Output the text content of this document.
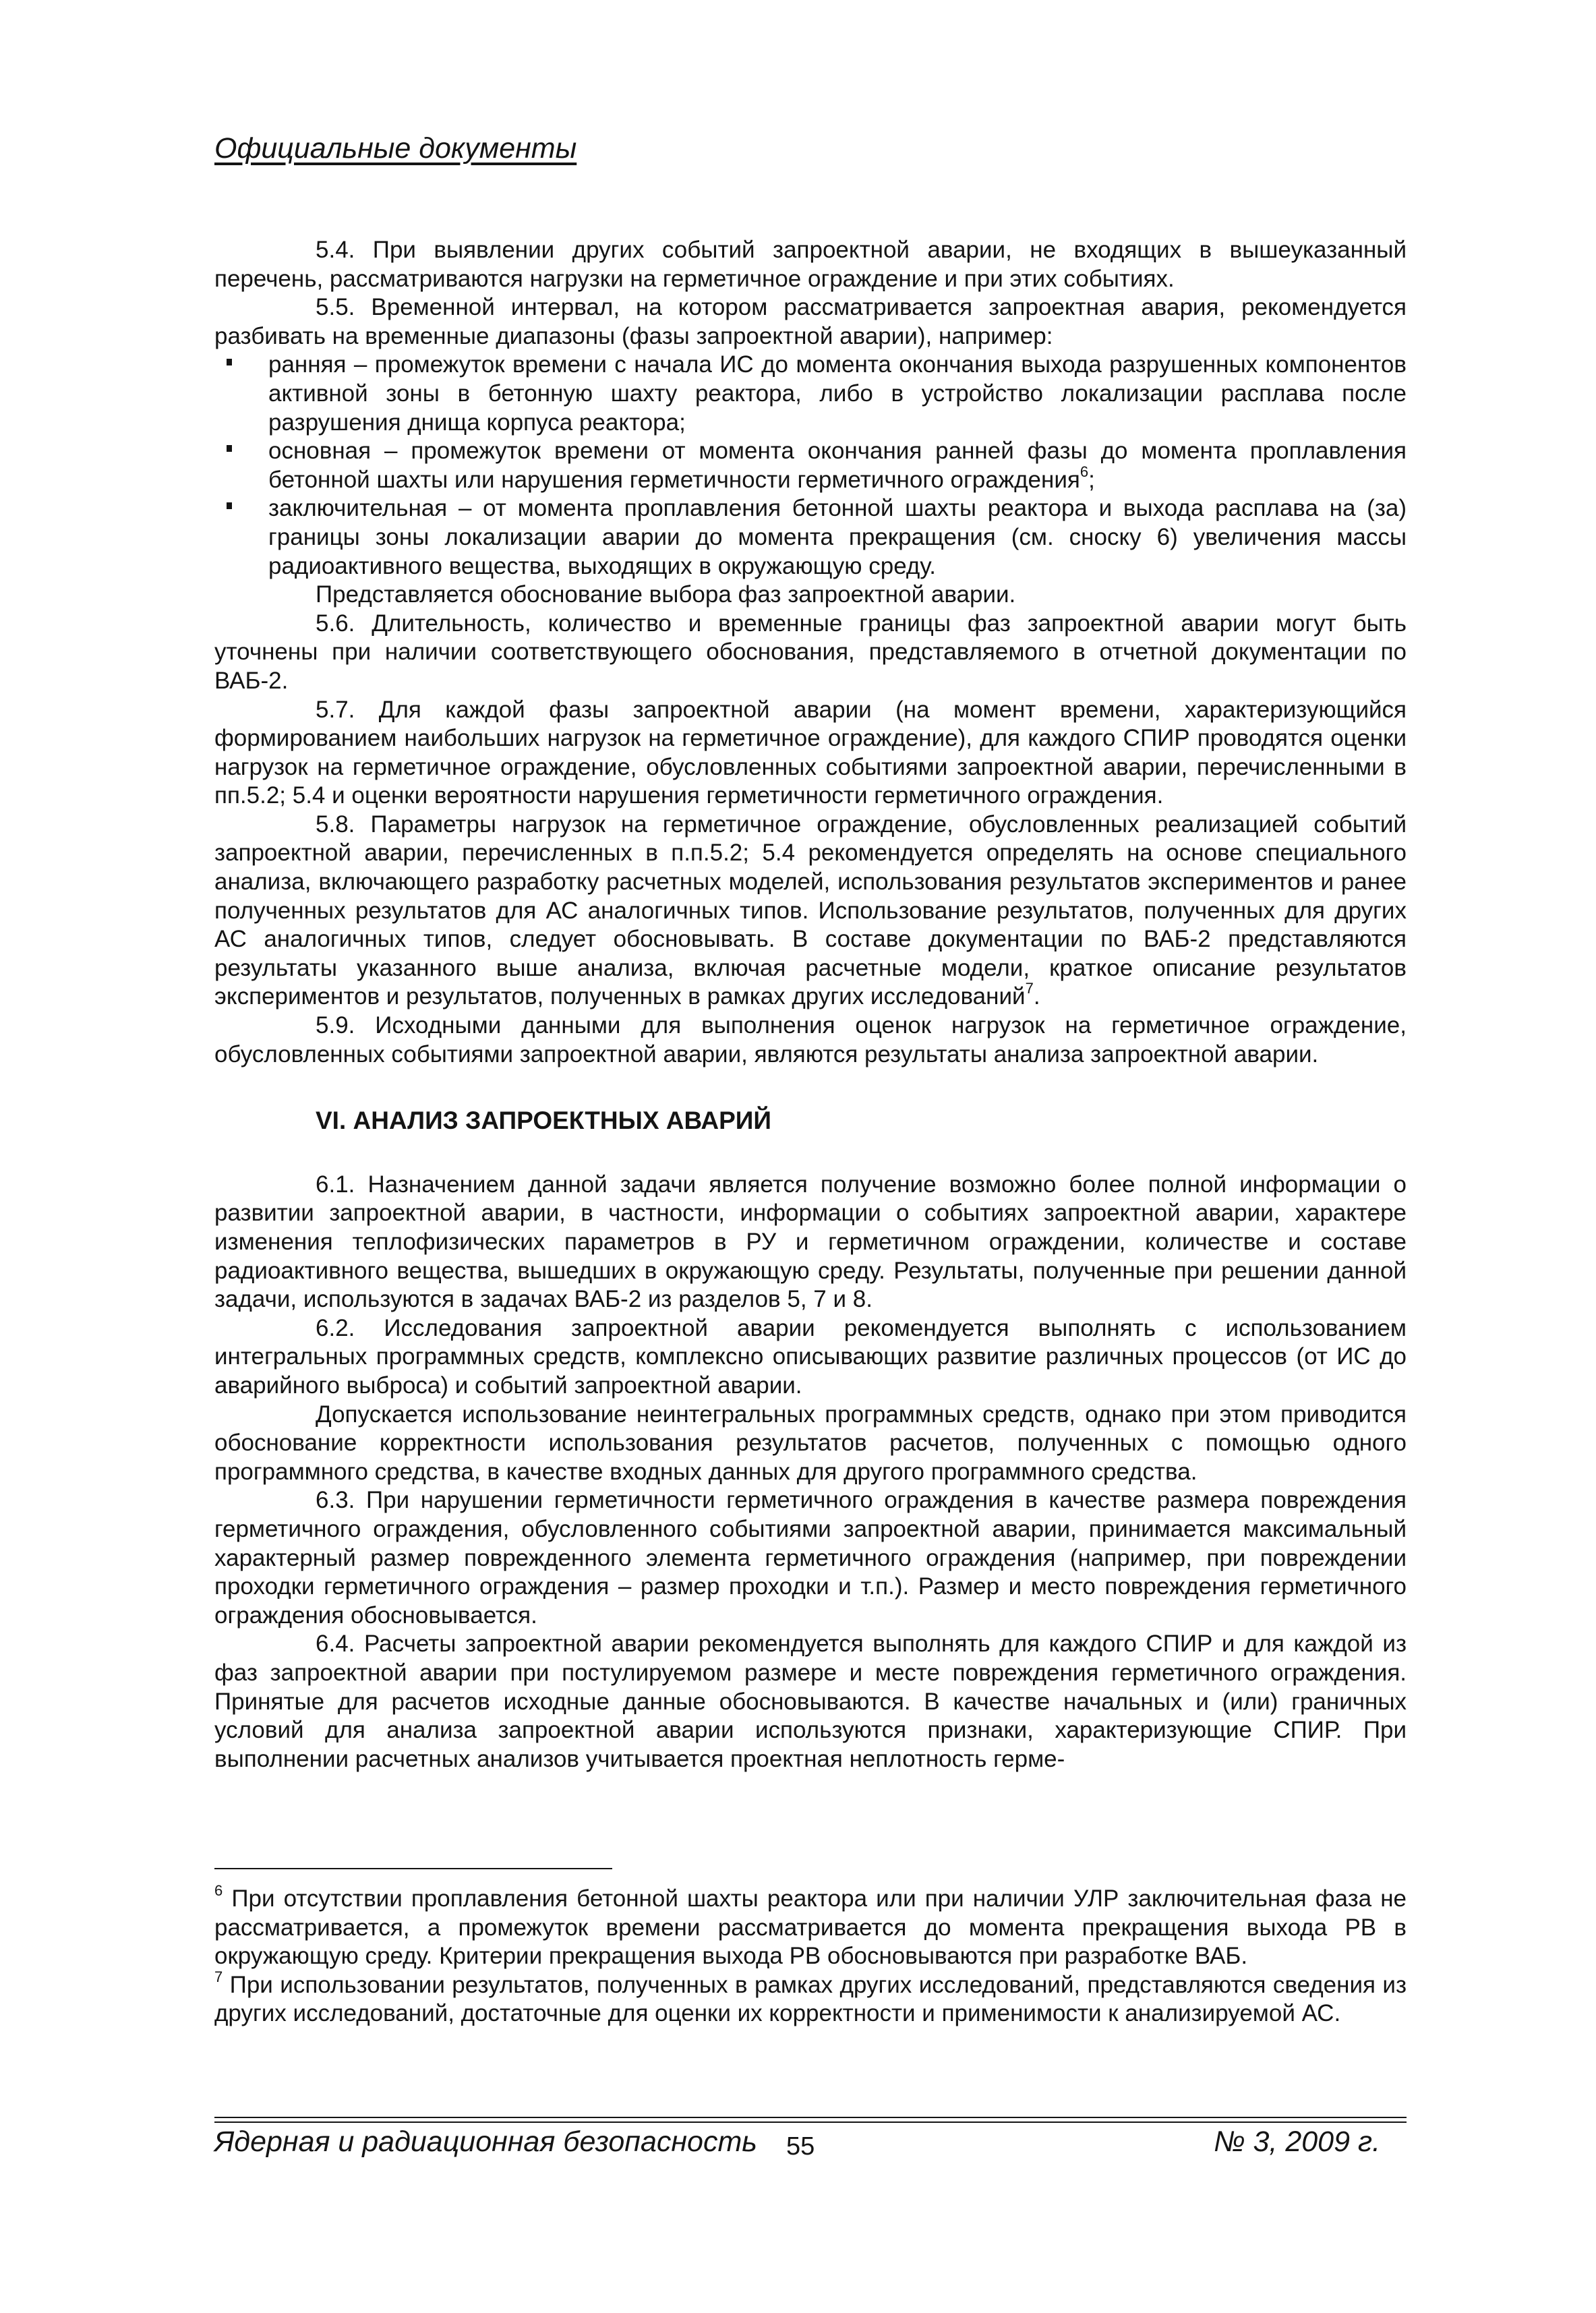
Официальные документы

5.4. При выявлении других событий запроектной аварии, не входящих в вышеуказанный перечень, рассматриваются нагрузки на герметичное ограждение и при этих событиях.

5.5. Временной интервал, на котором рассматривается запроектная авария, рекомендуется разбивать на временные диапазоны (фазы запроектной аварии), например:

ранняя – промежуток времени с начала ИС до момента окончания выхода разрушенных компонентов активной зоны в бетонную шахту реактора, либо в устройство локализации расплава после разрушения днища корпуса реактора;
основная – промежуток времени от момента окончания ранней фазы до момента проплавления бетонной шахты или нарушения герметичности герметичного ограждения$^6$;
заключительная – от момента проплавления бетонной шахты реактора и выхода расплава на (за) границы зоны локализации аварии до момента прекращения (см. сноску 6) увеличения массы радиоактивного вещества, выходящих в окружающую среду.

Представляется обоснование выбора фаз запроектной аварии.

5.6. Длительность, количество и временные границы фаз запроектной аварии могут быть уточнены при наличии соответствующего обоснования, представляемого в отчетной документации по ВАБ-2.

5.7. Для каждой фазы запроектной аварии (на момент времени, характеризующийся формированием наибольших нагрузок на герметичное ограждение), для каждого СПИР проводятся оценки нагрузок на герметичное ограждение, обусловленных событиями запроектной аварии, перечисленными в пп.5.2; 5.4 и оценки вероятности нарушения герметичности герметичного ограждения.

5.8. Параметры нагрузок на герметичное ограждение, обусловленных реализацией событий запроектной аварии, перечисленных в п.п.5.2; 5.4 рекомендуется определять на основе специального анализа, включающего разработку расчетных моделей, использования результатов экспериментов и ранее полученных результатов для АС аналогичных типов. Использование результатов, полученных для других АС аналогичных типов, следует обосновывать. В составе документации по ВАБ-2 представляются результаты указанного выше анализа, включая расчетные модели, краткое описание результатов экспериментов и результатов, полученных в рамках других исследований$^7$.

5.9. Исходными данными для выполнения оценок нагрузок на герметичное ограждение, обусловленных событиями запроектной аварии, являются результаты анализа запроектной аварии.

VI. АНАЛИЗ ЗАПРОЕКТНЫХ АВАРИЙ

6.1. Назначением данной задачи является получение возможно более полной информации о развитии запроектной аварии, в частности, информации о событиях запроектной аварии, характере изменения теплофизических параметров в РУ и герметичном ограждении, количестве и составе радиоактивного вещества, вышедших в окружающую среду. Результаты, полученные при решении данной задачи, используются в задачах ВАБ-2 из разделов 5, 7 и 8.

6.2. Исследования запроектной аварии рекомендуется выполнять с использованием интегральных программных средств, комплексно описывающих развитие различных процессов (от ИС до аварийного выброса) и событий запроектной аварии.

Допускается использование неинтегральных программных средств, однако при этом приводится обоснование корректности использования результатов расчетов, полученных с помощью одного программного средства, в качестве входных данных для другого программного средства.

6.3. При нарушении герметичности герметичного ограждения в качестве размера повреждения герметичного ограждения, обусловленного событиями запроектной аварии, принимается максимальный характерный размер поврежденного элемента герметичного ограждения (например, при повреждении проходки герметичного ограждения – размер проходки и т.п.). Размер и место повреждения герметичного ограждения обосновывается.

6.4. Расчеты запроектной аварии рекомендуется выполнять для каждого СПИР и для каждой из фаз запроектной аварии при постулируемом размере и месте повреждения герметичного ограждения. Принятые для расчетов исходные данные обосновываются. В качестве начальных и (или) граничных условий для анализа запроектной аварии используются признаки, характеризующие СПИР. При выполнении расчетных анализов учитывается проектная неплотность герме-

$^6$ При отсутствии проплавления бетонной шахты реактора или при наличии УЛР заключительная фаза не рассматривается, а промежуток времени рассматривается до момента прекращения выхода РВ в окружающую среду. Критерии прекращения выхода РВ обосновываются при разработке ВАБ.

$^7$ При использовании результатов, полученных в рамках других исследований, представляются сведения из других исследований, достаточные для оценки их корректности и применимости к анализируемой АС.

Ядерная и радиационная безопасность 55	№ 3, 2009 г.
